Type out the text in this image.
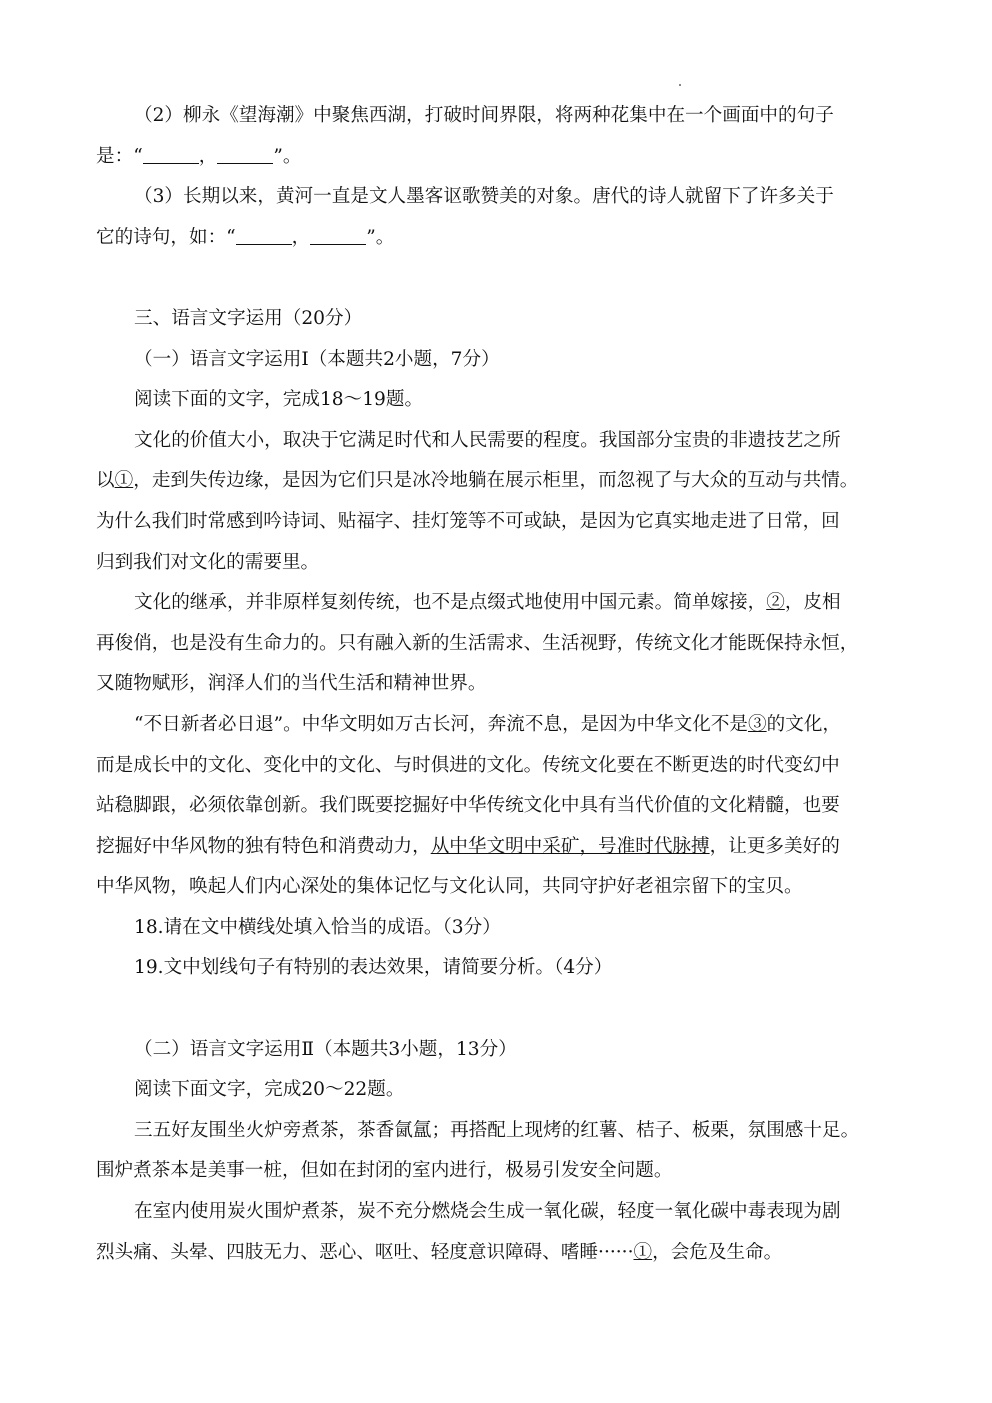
（2）柳永《望海潮》中聚焦西湖，打破时间界限，将两种花集中在一个画面中的句子

是：“	，	”。

（3）长期以来，黄河一直是文人墨客讴歌赞美的对象。唐代的诗人就留下了许多关于

它的诗句，如：“	，	”。

三、语言文字运用（20分）

（一）语言文字运用Ⅰ（本题共2小题，7分）

阅读下面的文字，完成18～19题。

文化的价值大小，取决于它满足时代和人民需要的程度。我国部分宝贵的非遗技艺之所

以①，走到失传边缘，是因为它们只是冰冷地躺在展示柜里，而忽视了与大众的互动与共情。

为什么我们时常感到吟诗词、贴福字、挂灯笼等不可或缺，是因为它真实地走进了日常，回

归到我们对文化的需要里。

文化的继承，并非原样复刻传统，也不是点缀式地使用中国元素。简单嫁接，②，皮相

再俊俏，也是没有生命力的。只有融入新的生活需求、生活视野，传统文化才能既保持永恒，

又随物赋形，润泽人们的当代生活和精神世界。

“不日新者必日退”。中华文明如万古长河，奔流不息，是因为中华文化不是③的文化，

而是成长中的文化、变化中的文化、与时俱进的文化。传统文化要在不断更迭的时代变幻中

站稳脚跟，必须依靠创新。我们既要挖掘好中华传统文化中具有当代价值的文化精髓，也要

挖掘好中华风物的独有特色和消费动力，从中华文明中采矿，号准时代脉搏，让更多美好的

中华风物，唤起人们内心深处的集体记忆与文化认同，共同守护好老祖宗留下的宝贝。

18.请在文中横线处填入恰当的成语。（3分）

19.文中划线句子有特别的表达效果，请简要分析。（4分）

（二）语言文字运用Ⅱ（本题共3小题，13分）

阅读下面文字，完成20～22题。

三五好友围坐火炉旁煮茶，茶香氤氲；再搭配上现烤的红薯、桔子、板栗，氛围感十足。

围炉煮茶本是美事一桩，但如在封闭的室内进行，极易引发安全问题。

在室内使用炭火围炉煮茶，炭不充分燃烧会生成一氧化碳，轻度一氧化碳中毒表现为剧

烈头痛、头晕、四肢无力、恶心、呕吐、轻度意识障碍、嗜睡······①，会危及生命。
